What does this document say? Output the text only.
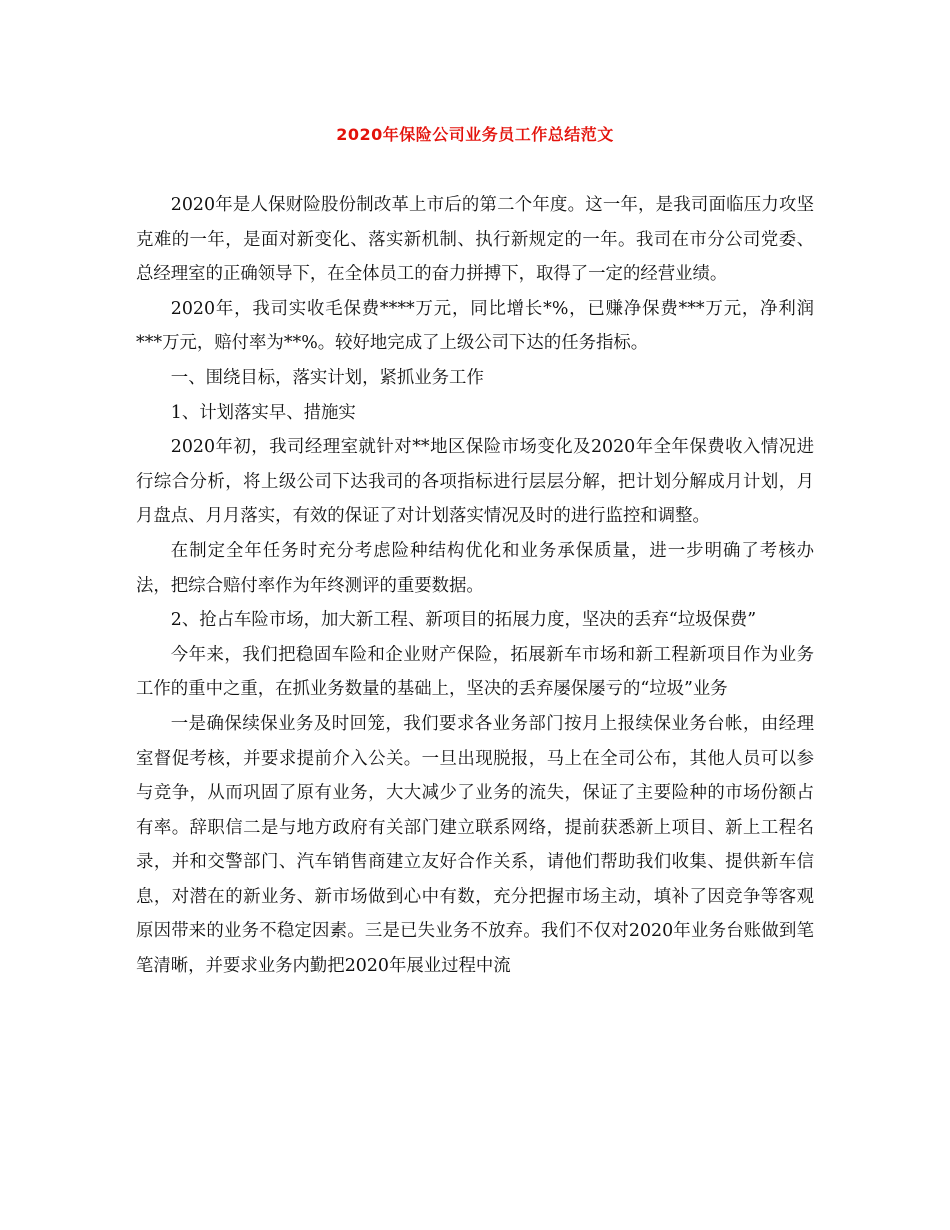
2020年保险公司业务员工作总结范文

2020年是人保财险股份制改革上市后的第二个年度。这一年，是我司面临压力攻坚克难的一年，是面对新变化、落实新机制、执行新规定的一年。我司在市分公司党委、总经理室的正确领导下，在全体员工的奋力拼搏下，取得了一定的经营业绩。

2020年，我司实收毛保费****万元，同比增长*%，已赚净保费***万元，净利润***万元，赔付率为**%。较好地完成了上级公司下达的任务指标。

一、围绕目标，落实计划，紧抓业务工作

1、计划落实早、措施实

2020年初，我司经理室就针对**地区保险市场变化及2020年全年保费收入情况进行综合分析，将上级公司下达我司的各项指标进行层层分解，把计划分解成月计划，月月盘点、月月落实，有效的保证了对计划落实情况及时的进行监控和调整。

在制定全年任务时充分考虑险种结构优化和业务承保质量，进一步明确了考核办法，把综合赔付率作为年终测评的重要数据。

2、抢占车险市场，加大新工程、新项目的拓展力度，坚决的丢弃“垃圾保费”

今年来，我们把稳固车险和企业财产保险，拓展新车市场和新工程新项目作为业务工作的重中之重，在抓业务数量的基础上，坚决的丢弃屡保屡亏的“垃圾”业务

一是确保续保业务及时回笼，我们要求各业务部门按月上报续保业务台帐，由经理室督促考核，并要求提前介入公关。一旦出现脱报，马上在全司公布，其他人员可以参与竞争，从而巩固了原有业务，大大减少了业务的流失，保证了主要险种的市场份额占有率。辞职信二是与地方政府有关部门建立联系网络，提前获悉新上项目、新上工程名录，并和交警部门、汽车销售商建立友好合作关系，请他们帮助我们收集、提供新车信息，对潜在的新业务、新市场做到心中有数，充分把握市场主动，填补了因竞争等客观原因带来的业务不稳定因素。三是已失业务不放弃。我们不仅对2020年业务台账做到笔笔清晰，并要求业务内勤把2020年展业过程中流
